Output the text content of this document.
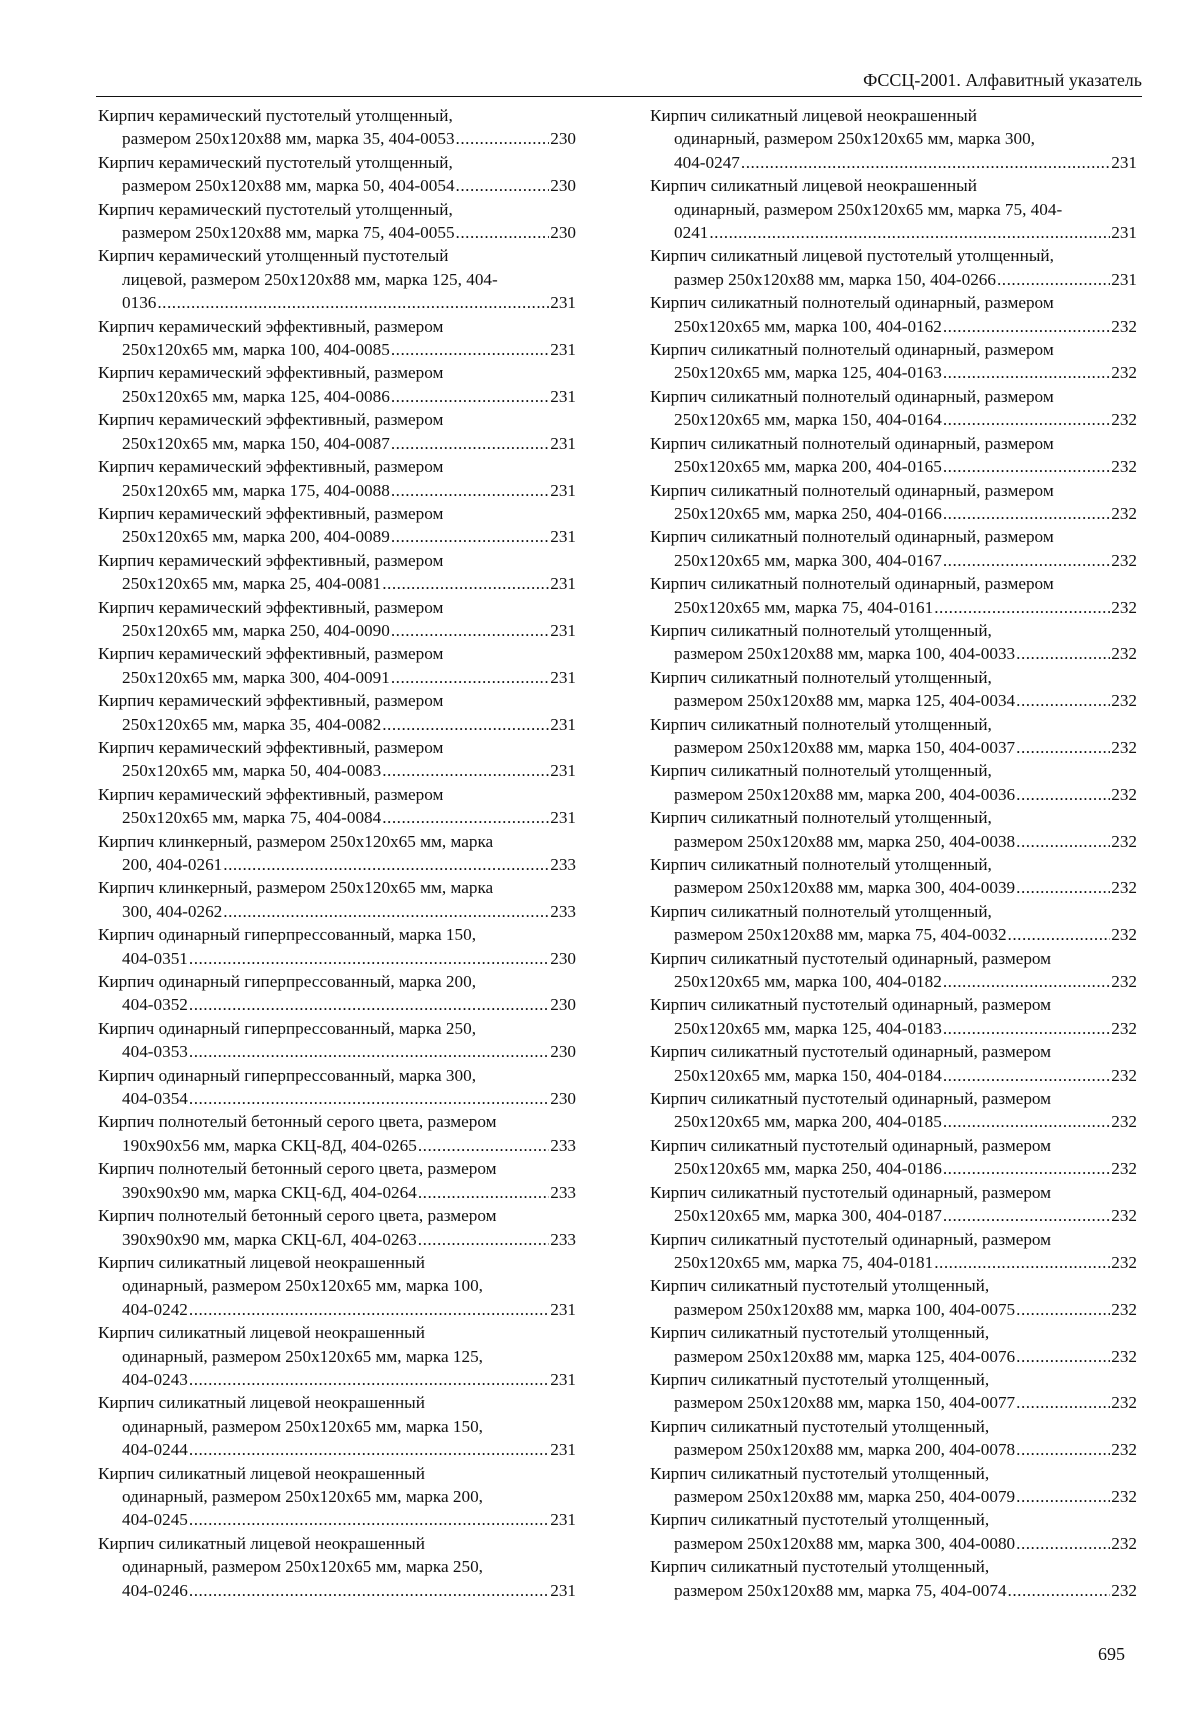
ФССЦ-2001. Алфавитный указатель
Кирпич керамический пустотелый утолщенный,
размером 250х120х88 мм, марка 35, 404-0053 .....	230
Кирпич керамический пустотелый утолщенный,
размером 250х120х88 мм, марка 50, 404-0054 .....	230
Кирпич керамический пустотелый утолщенный,
размером 250х120х88 мм, марка 75, 404-0055 .....	230
Кирпич керамический утолщенный пустотелый
лицевой, размером 250х120х88 мм, марка 125, 404-
0136 .....	231
Кирпич керамический эффективный, размером
250х120х65 мм, марка 100, 404-0085 .....	231
Кирпич керамический эффективный, размером
250х120х65 мм, марка 125, 404-0086 .....	231
Кирпич керамический эффективный, размером
250х120х65 мм, марка 150, 404-0087 .....	231
Кирпич керамический эффективный, размером
250х120х65 мм, марка 175, 404-0088 .....	231
Кирпич керамический эффективный, размером
250х120х65 мм, марка 200, 404-0089 .....	231
Кирпич керамический эффективный, размером
250х120х65 мм, марка 25, 404-0081 .....	231
Кирпич керамический эффективный, размером
250х120х65 мм, марка 250, 404-0090 .....	231
Кирпич керамический эффективный, размером
250х120х65 мм, марка 300, 404-0091 .....	231
Кирпич керамический эффективный, размером
250х120х65 мм, марка 35, 404-0082 .....	231
Кирпич керамический эффективный, размером
250х120х65 мм, марка 50, 404-0083 .....	231
Кирпич керамический эффективный, размером
250х120х65 мм, марка 75, 404-0084 .....	231
Кирпич клинкерный, размером 250х120х65 мм, марка
200, 404-0261 .....	233
Кирпич клинкерный, размером 250х120х65 мм, марка
300, 404-0262 .....	233
Кирпич одинарный гиперпрессованный, марка 150,
404-0351 .....	230
Кирпич одинарный гиперпрессованный, марка 200,
404-0352 .....	230
Кирпич одинарный гиперпрессованный, марка 250,
404-0353 .....	230
Кирпич одинарный гиперпрессованный, марка 300,
404-0354 .....	230
Кирпич полнотелый бетонный серого цвета, размером
190х90х56 мм, марка СКЦ-8Д, 404-0265 .....	233
Кирпич полнотелый бетонный серого цвета, размером
390х90х90 мм, марка СКЦ-6Д, 404-0264 .....	233
Кирпич полнотелый бетонный серого цвета, размером
390х90х90 мм, марка СКЦ-6Л, 404-0263 .....	233
Кирпич силикатный лицевой неокрашенный
одинарный, размером 250х120х65 мм, марка 100,
404-0242 .....	231
Кирпич силикатный лицевой неокрашенный
одинарный, размером 250х120х65 мм, марка 125,
404-0243 .....	231
Кирпич силикатный лицевой неокрашенный
одинарный, размером 250х120х65 мм, марка 150,
404-0244 .....	231
Кирпич силикатный лицевой неокрашенный
одинарный, размером 250х120х65 мм, марка 200,
404-0245 .....	231
Кирпич силикатный лицевой неокрашенный
одинарный, размером 250х120х65 мм, марка 250,
404-0246 .....	231
Кирпич силикатный лицевой неокрашенный
одинарный, размером 250х120х65 мм, марка 300,
404-0247 .....	231
Кирпич силикатный лицевой неокрашенный
одинарный, размером 250х120х65 мм, марка 75, 404-
0241 .....	231
Кирпич силикатный лицевой пустотелый утолщенный,
размер 250х120х88 мм, марка 150, 404-0266 .....	231
Кирпич силикатный полнотелый одинарный, размером
250х120х65 мм, марка 100, 404-0162 .....	232
Кирпич силикатный полнотелый одинарный, размером
250х120х65 мм, марка 125, 404-0163 .....	232
Кирпич силикатный полнотелый одинарный, размером
250х120х65 мм, марка 150, 404-0164 .....	232
Кирпич силикатный полнотелый одинарный, размером
250х120х65 мм, марка 200, 404-0165 .....	232
Кирпич силикатный полнотелый одинарный, размером
250х120х65 мм, марка 250, 404-0166 .....	232
Кирпич силикатный полнотелый одинарный, размером
250х120х65 мм, марка 300, 404-0167 .....	232
Кирпич силикатный полнотелый одинарный, размером
250х120х65 мм, марка 75, 404-0161 .....	232
Кирпич силикатный полнотелый утолщенный,
размером 250х120х88 мм, марка 100, 404-0033 .....	232
Кирпич силикатный полнотелый утолщенный,
размером 250х120х88 мм, марка 125, 404-0034 .....	232
Кирпич силикатный полнотелый утолщенный,
размером 250х120х88 мм, марка 150, 404-0037 .....	232
Кирпич силикатный полнотелый утолщенный,
размером 250х120х88 мм, марка 200, 404-0036 .....	232
Кирпич силикатный полнотелый утолщенный,
размером 250х120х88 мм, марка 250, 404-0038 .....	232
Кирпич силикатный полнотелый утолщенный,
размером 250х120х88 мм, марка 300, 404-0039 .....	232
Кирпич силикатный полнотелый утолщенный,
размером 250х120х88 мм, марка 75, 404-0032 .....	232
Кирпич силикатный пустотелый одинарный, размером
250х120х65 мм, марка 100, 404-0182 .....	232
Кирпич силикатный пустотелый одинарный, размером
250х120х65 мм, марка 125, 404-0183 .....	232
Кирпич силикатный пустотелый одинарный, размером
250х120х65 мм, марка 150, 404-0184 .....	232
Кирпич силикатный пустотелый одинарный, размером
250х120х65 мм, марка 200, 404-0185 .....	232
Кирпич силикатный пустотелый одинарный, размером
250х120х65 мм, марка 250, 404-0186 .....	232
Кирпич силикатный пустотелый одинарный, размером
250х120х65 мм, марка 300, 404-0187 .....	232
Кирпич силикатный пустотелый одинарный, размером
250х120х65 мм, марка 75, 404-0181 .....	232
Кирпич силикатный пустотелый утолщенный,
размером 250х120х88 мм, марка 100, 404-0075 .....	232
Кирпич силикатный пустотелый утолщенный,
размером 250х120х88 мм, марка 125, 404-0076 .....	232
Кирпич силикатный пустотелый утолщенный,
размером 250х120х88 мм, марка 150, 404-0077 .....	232
Кирпич силикатный пустотелый утолщенный,
размером 250х120х88 мм, марка 200, 404-0078 .....	232
Кирпич силикатный пустотелый утолщенный,
размером 250х120х88 мм, марка 250, 404-0079 .....	232
Кирпич силикатный пустотелый утолщенный,
размером 250х120х88 мм, марка 300, 404-0080 .....	232
Кирпич силикатный пустотелый утолщенный,
размером 250х120х88 мм, марка 75, 404-0074 .....	232
695
